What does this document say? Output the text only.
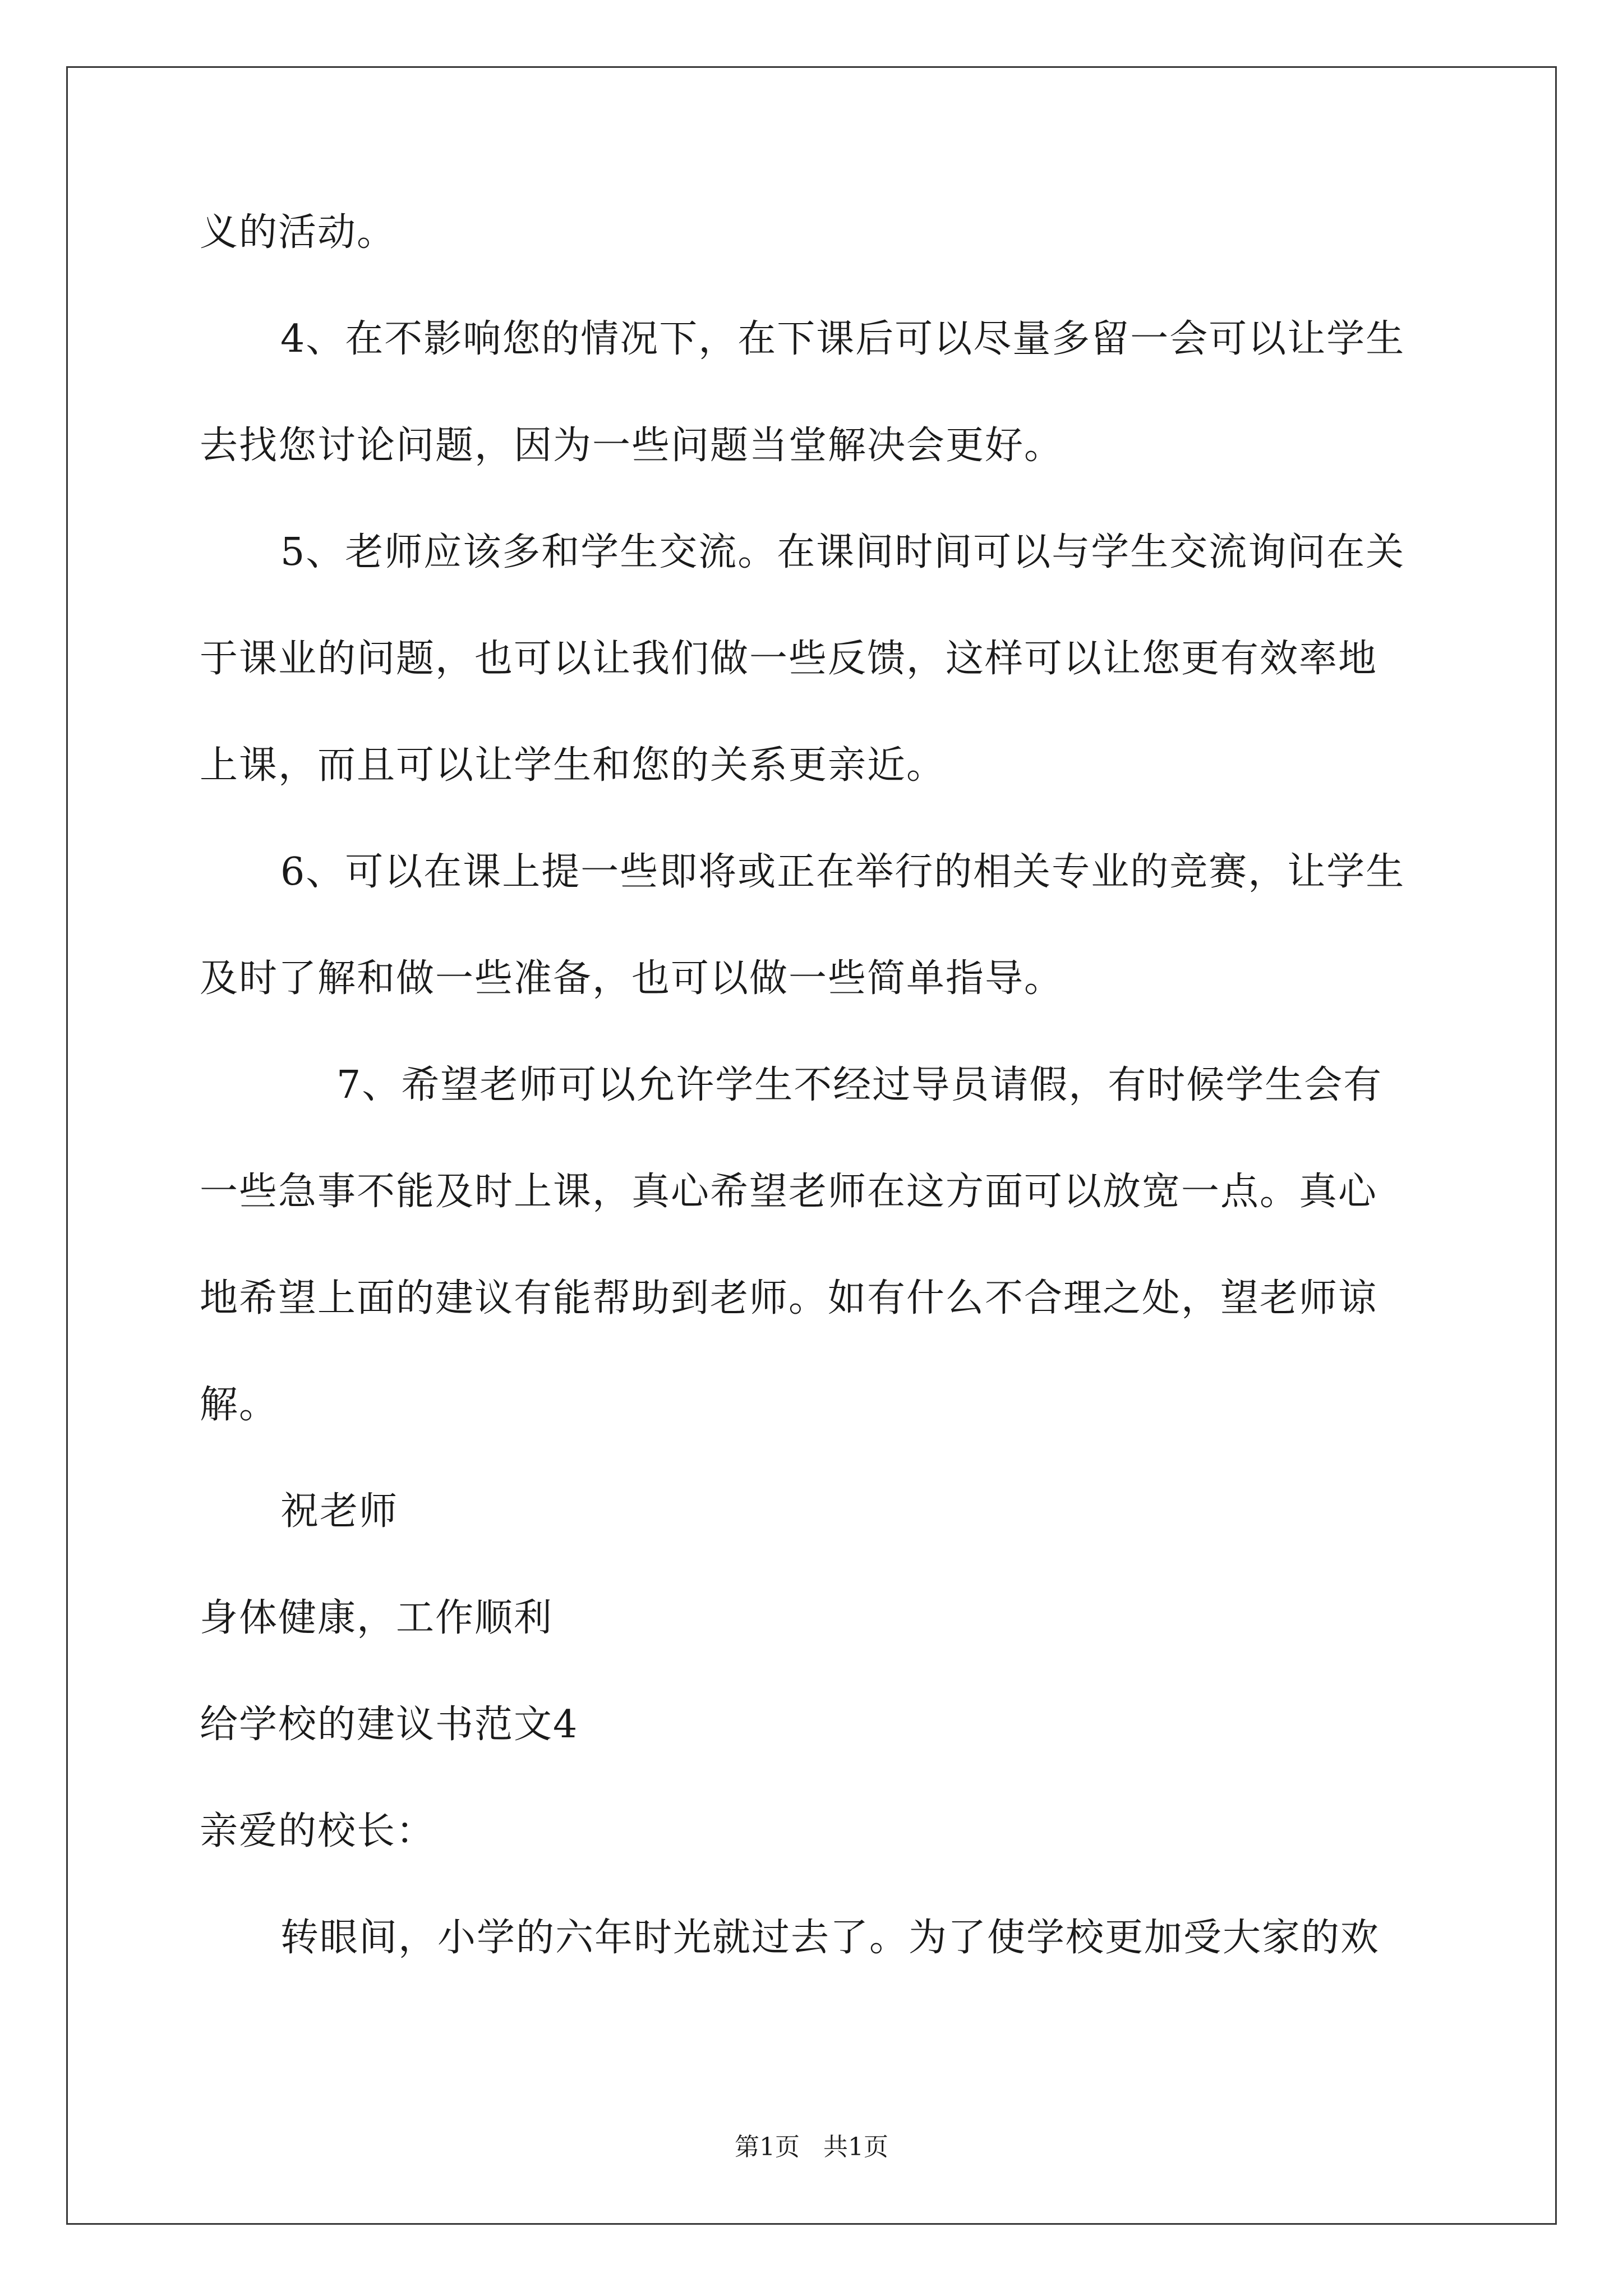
义的活动。
4、在不影响您的情况下，在下课后可以尽量多留一会可以让学生
去找您讨论问题，因为一些问题当堂解决会更好。
5、老师应该多和学生交流。在课间时间可以与学生交流询问在关
于课业的问题，也可以让我们做一些反馈，这样可以让您更有效率地
上课，而且可以让学生和您的关系更亲近。
6、可以在课上提一些即将或正在举行的相关专业的竞赛，让学生
及时了解和做一些准备，也可以做一些简单指导。
7、希望老师可以允许学生不经过导员请假，有时候学生会有
一些急事不能及时上课，真心希望老师在这方面可以放宽一点。真心
地希望上面的建议有能帮助到老师。如有什么不合理之处，望老师谅
解。
祝老师
身体健康，工作顺利
给学校的建议书范文4
亲爱的校长：
转眼间，小学的六年时光就过去了。为了使学校更加受大家的欢
第1页   共1页
